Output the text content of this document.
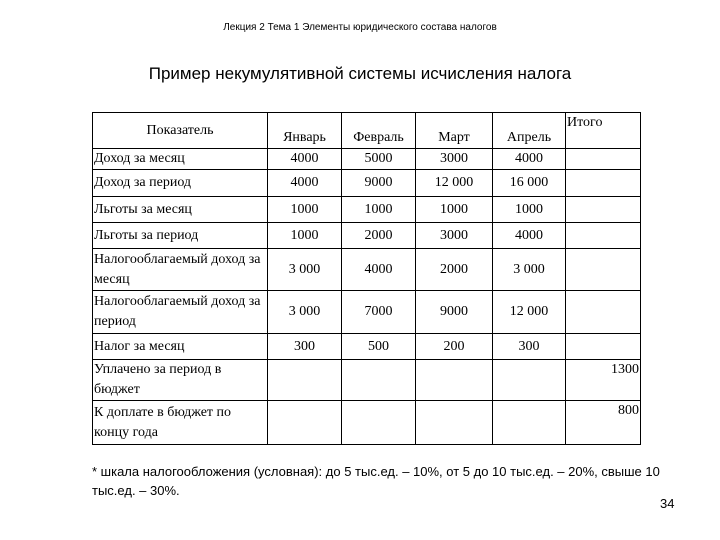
Лекция 2 Тема 1 Элементы юридического состава налогов
Пример некумулятивной системы исчисления налога
Показатель	Январь	Февраль	Март	Апрель	Итого
Доход за месяц	4000	5000	3000	4000	
Доход за период	4000	9000	12 000	16 000	
Льготы за месяц	1000	1000	1000	1000	
Льготы за период	1000	2000	3000	4000	
Налогооблагаемый доход за месяц	3 000	4000	2000	3 000	
Налогооблагаемый доход за период	3 000	7000	9000	12 000	
Налог за месяц	300	500	200	300	
Уплачено за период в бюджет					1300
К доплате в бюджет по концу года					800
* шкала налогообложения (условная): до 5 тыс.ед. – 10%, от 5 до 10 тыс.ед. – 20%, свыше 10 тыс.ед. – 30%.
34
